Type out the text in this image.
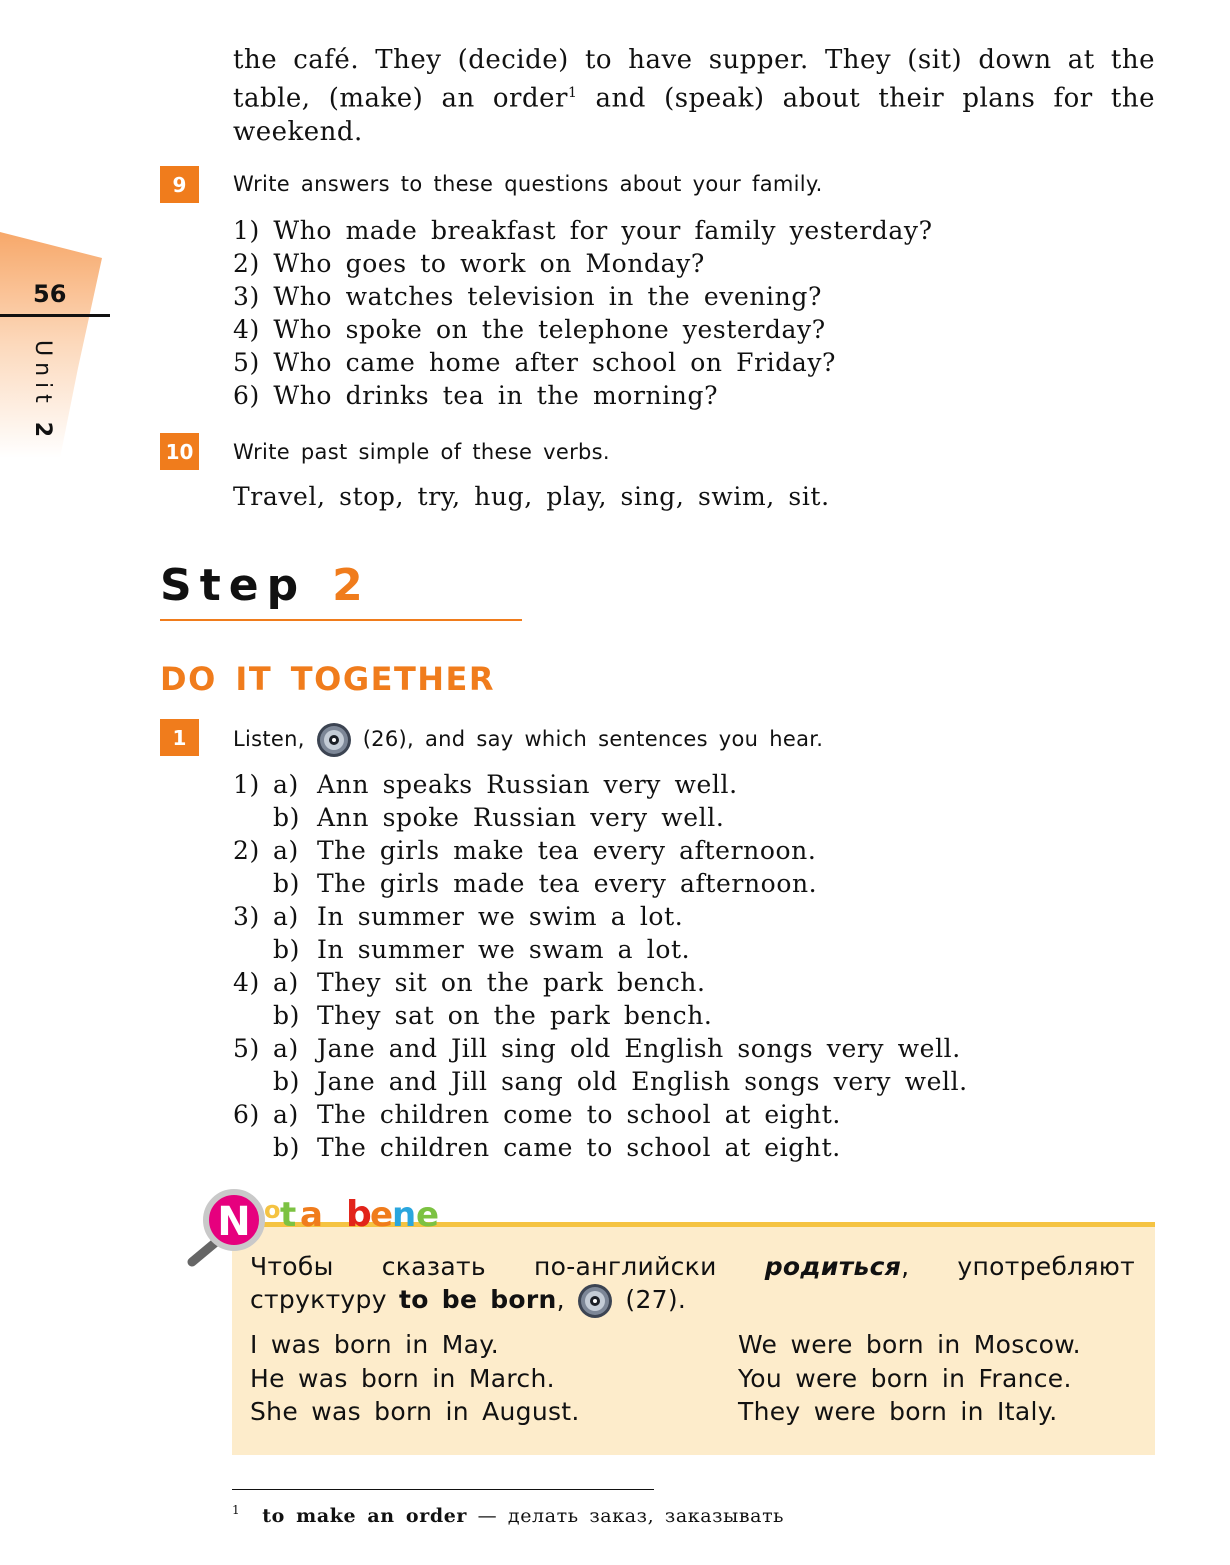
the café. They (decide) to have supper. They (sit) down at the table, (make) an order$^1$ and (speak) about their plans for the weekend.
56
Unit 2
9	Write answers to these questions about your family.
1) Who made breakfast for your family yesterday?
2) Who goes to work on Monday?
3) Who watches television in the evening?
4) Who spoke on the telephone yesterday?
5) Who came home after school on Friday?
6) Who drinks tea in the morning?
10 Write past simple of these verbs.
Travel, stop, try, hug, play, sing, swim, sit.
Step 2
DO IT TOGETHER
1	Listen,	(26), and say which sentences you hear.
1) a) Ann speaks Russian very well.
b) Ann spoke Russian very well.
2) a) The girls make tea every afternoon.
b) The girls made tea every afternoon.
3) a) In summer we swim a lot.
b) In summer we swam a lot.
4) a) They sit on the park bench.
b) They sat on the park bench.
5) a) Jane and Jill sing old English songs very well.
b) Jane and Jill sang old English songs very well.
6) a) The children come to school at eight.
b) The children came to school at eight.
N o t a b
e
n e
Чтобы сказать по-английски родиться, употребляют структуру to be born,  (27).
I was born in May.
He was born in March.
She was born in August.
We were born in Moscow.
You were born in France.
They were born in Italy.
$^1$ to make an order — делать заказ, заказывать
